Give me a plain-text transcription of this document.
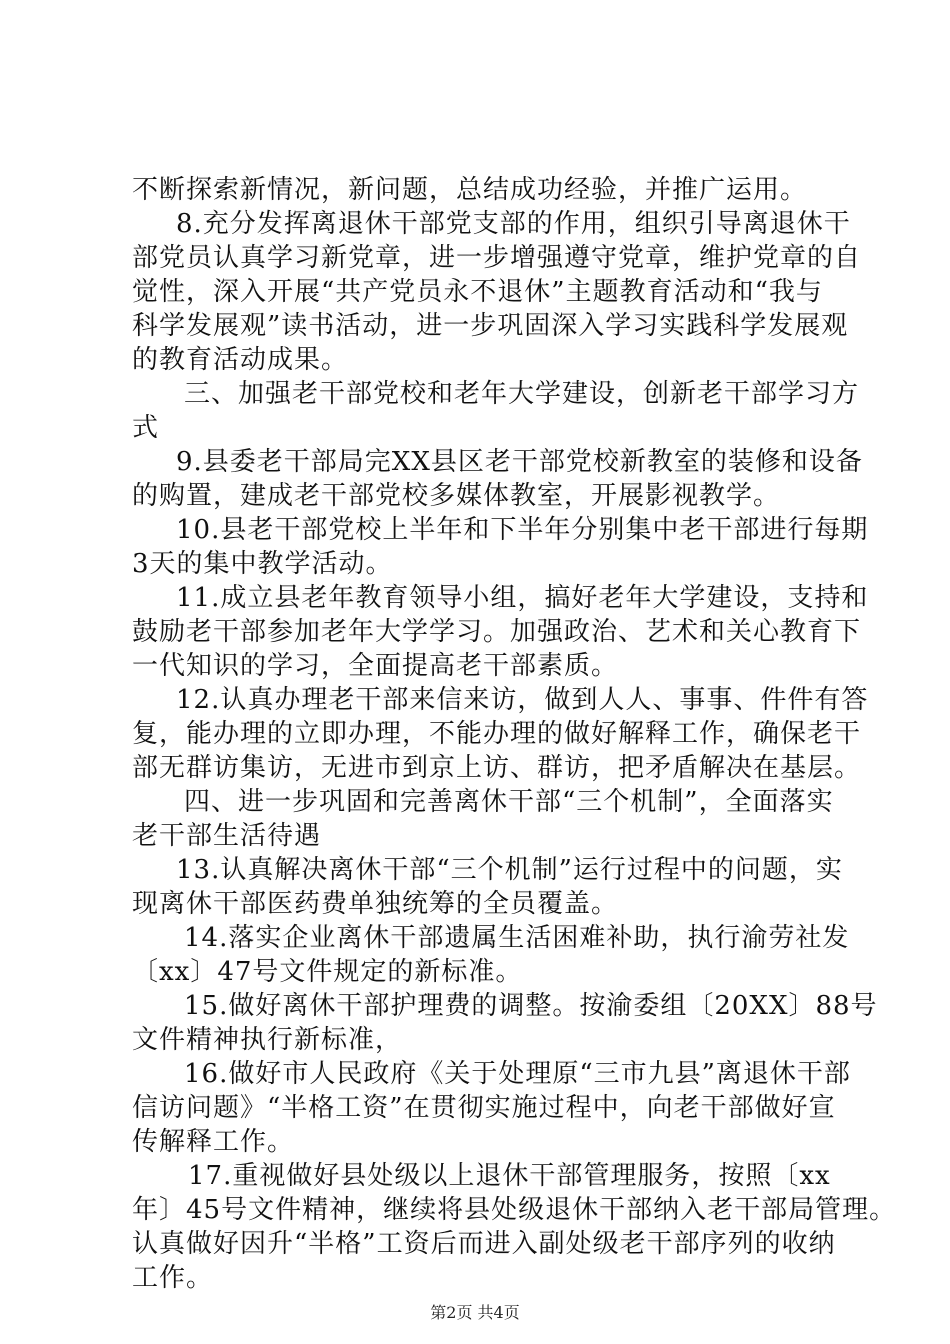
不断探索新情况，新问题，总结成功经验，并推广运用。
8.充分发挥离退休干部党支部的作用，组织引导离退休干
部党员认真学习新党章，进一步增强遵守党章，维护党章的自
觉性，深入开展“共产党员永不退休”主题教育活动和“我与
科学发展观”读书活动，进一步巩固深入学习实践科学发展观
的教育活动成果。
三、加强老干部党校和老年大学建设，创新老干部学习方
式
9.县委老干部局完XX县区老干部党校新教室的装修和设备
的购置，建成老干部党校多媒体教室，开展影视教学。
10.县老干部党校上半年和下半年分别集中老干部进行每期
3天的集中教学活动。
11.成立县老年教育领导小组，搞好老年大学建设，支持和
鼓励老干部参加老年大学学习。加强政治、艺术和关心教育下
一代知识的学习，全面提高老干部素质。
12.认真办理老干部来信来访，做到人人、事事、件件有答
复，能办理的立即办理，不能办理的做好解释工作，确保老干
部无群访集访，无进市到京上访、群访，把矛盾解决在基层。
四、进一步巩固和完善离休干部“三个机制”，全面落实
老干部生活待遇
13.认真解决离休干部“三个机制”运行过程中的问题，实
现离休干部医药费单独统筹的全员覆盖。
14.落实企业离休干部遗属生活困难补助，执行渝劳社发
〔xx〕47号文件规定的新标准。
15.做好离休干部护理费的调整。按渝委组〔20XX〕88号
文件精神执行新标准，
16.做好市人民政府《关于处理原“三市九县”离退休干部
信访问题》“半格工资”在贯彻实施过程中，向老干部做好宣
传解释工作。
17.重视做好县处级以上退休干部管理服务，按照〔xx
年〕45号文件精神，继续将县处级退休干部纳入老干部局管理。
认真做好因升“半格”工资后而进入副处级老干部序列的收纳
工作。
第2页 共4页
